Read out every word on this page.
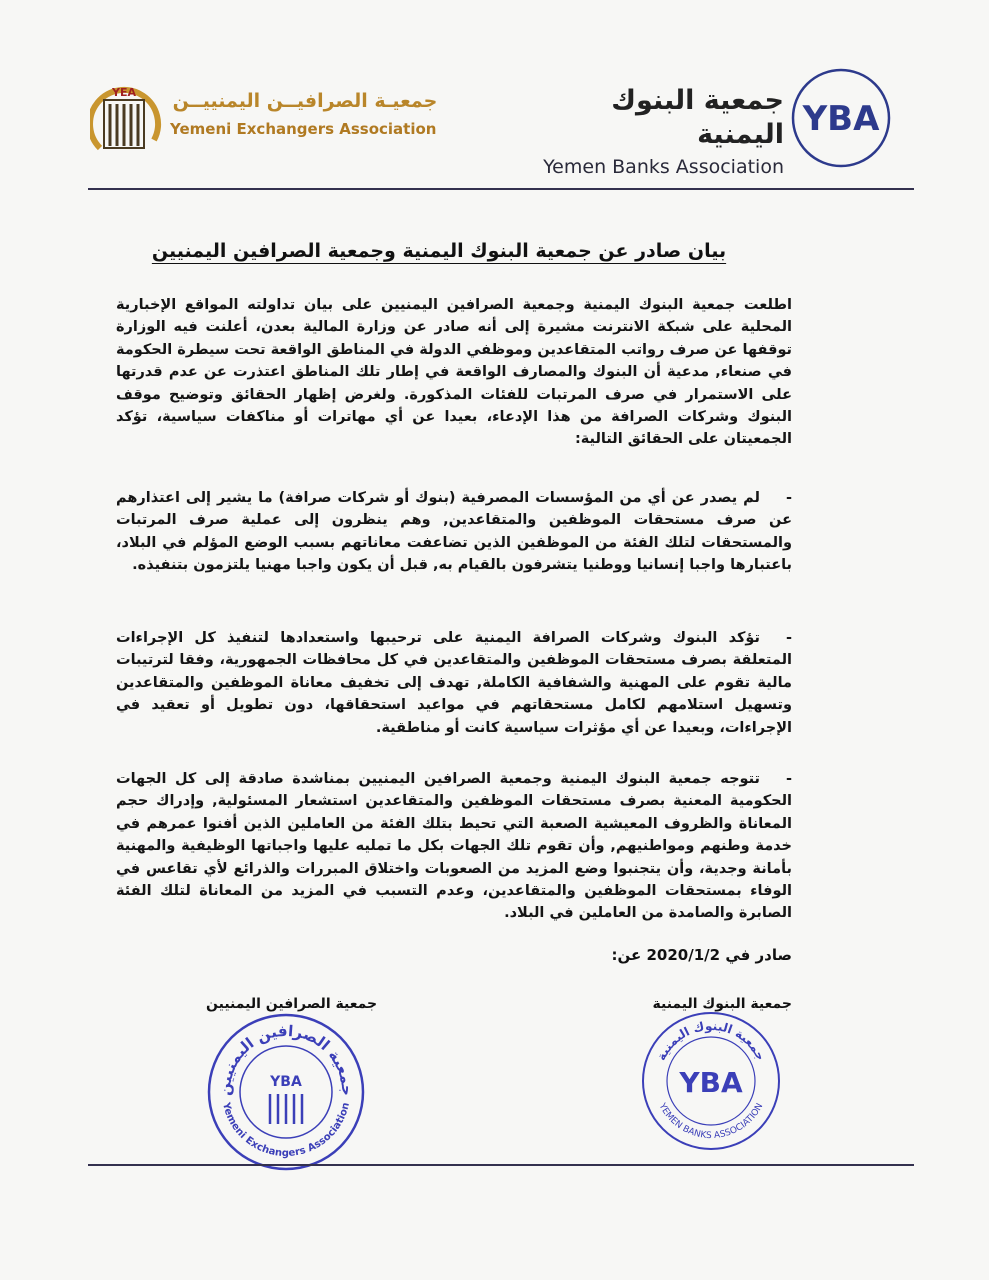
YBA
جمعية البنوك اليمنية
Yemen Banks Association
YEA جمعيـة الصرافيــن اليمنييــن
Yemeni Exchangers Association
بيان صادر عن جمعية البنوك اليمنية وجمعية الصرافين اليمنيين
اطلعت جمعية البنوك اليمنية وجمعية الصرافين اليمنيين على بيان تداولته المواقع الإخبارية المحلية على شبكة الانترنت مشيرة إلى أنه صادر عن وزارة المالية بعدن، أعلنت فيه الوزارة توقفها عن صرف رواتب المتقاعدين وموظفي الدولة في المناطق الواقعة تحت سيطرة الحكومة في صنعاء, مدعية أن البنوك والمصارف الواقعة في إطار تلك المناطق اعتذرت عن عدم قدرتها على الاستمرار في صرف المرتبات للفئات المذكورة. ولغرض إظهار الحقائق وتوضيح موقف البنوك وشركات الصرافة من هذا الإدعاء، بعيدا عن أي مهاترات أو مناكفات سياسية، تؤكد الجمعيتان على الحقائق التالية:
-لم يصدر عن أي من المؤسسات المصرفية (بنوك أو شركات صرافة) ما يشير إلى اعتذارهم عن صرف مستحقات الموظفين والمتقاعدين, وهم ينظرون إلى عملية صرف المرتبات والمستحقات لتلك الفئة من الموظفين الذين تضاعفت معاناتهم بسبب الوضع المؤلم في البلاد، باعتبارها واجبا إنسانيا ووطنيا يتشرفون بالقيام به, قبل أن يكون واجبا مهنيا يلتزمون بتنفيذه.
-تؤكد البنوك وشركات الصرافة اليمنية على ترحيبها واستعدادها لتنفيذ كل الإجراءات المتعلقة بصرف مستحقات الموظفين والمتقاعدين في كل محافظات الجمهورية، وفقا لترتيبات مالية تقوم على المهنية والشفافية الكاملة, تهدف إلى تخفيف معاناة الموظفين والمتقاعدين وتسهيل استلامهم لكامل مستحقاتهم في مواعيد استحقاقها، دون تطويل أو تعقيد في الإجراءات، وبعيدا عن أي مؤثرات سياسية كانت أو مناطقية.
-تتوجه جمعية البنوك اليمنية وجمعية الصرافين اليمنيين بمناشدة صادقة إلى كل الجهات الحكومية المعنية بصرف مستحقات الموظفين والمتقاعدين استشعار المسئولية, وإدراك حجم المعاناة والظروف المعيشية الصعبة التي تحيط بتلك الفئة من العاملين الذين أفنوا عمرهم في خدمة وطنهم ومواطنيهم, وأن تقوم تلك الجهات بكل ما تمليه عليها واجباتها الوظيفية والمهنية بأمانة وجدية، وأن يتجنبوا وضع المزيد من الصعوبات واختلاق المبررات والذرائع لأي تقاعس في الوفاء بمستحقات الموظفين والمتقاعدين، وعدم التسبب في المزيد من المعاناة لتلك الفئة الصابرة والصامدة من العاملين في البلاد.
صادر في 2020/1/2 عن:
جمعية البنوك اليمنية
جمعية الصرافين اليمنيين
جمعية البنوك اليمنية
YEMEN BANKS ASSOCIATION
YBA
جمعية الصرافين اليمنيين
Yemeni Exchangers Association
YBA
